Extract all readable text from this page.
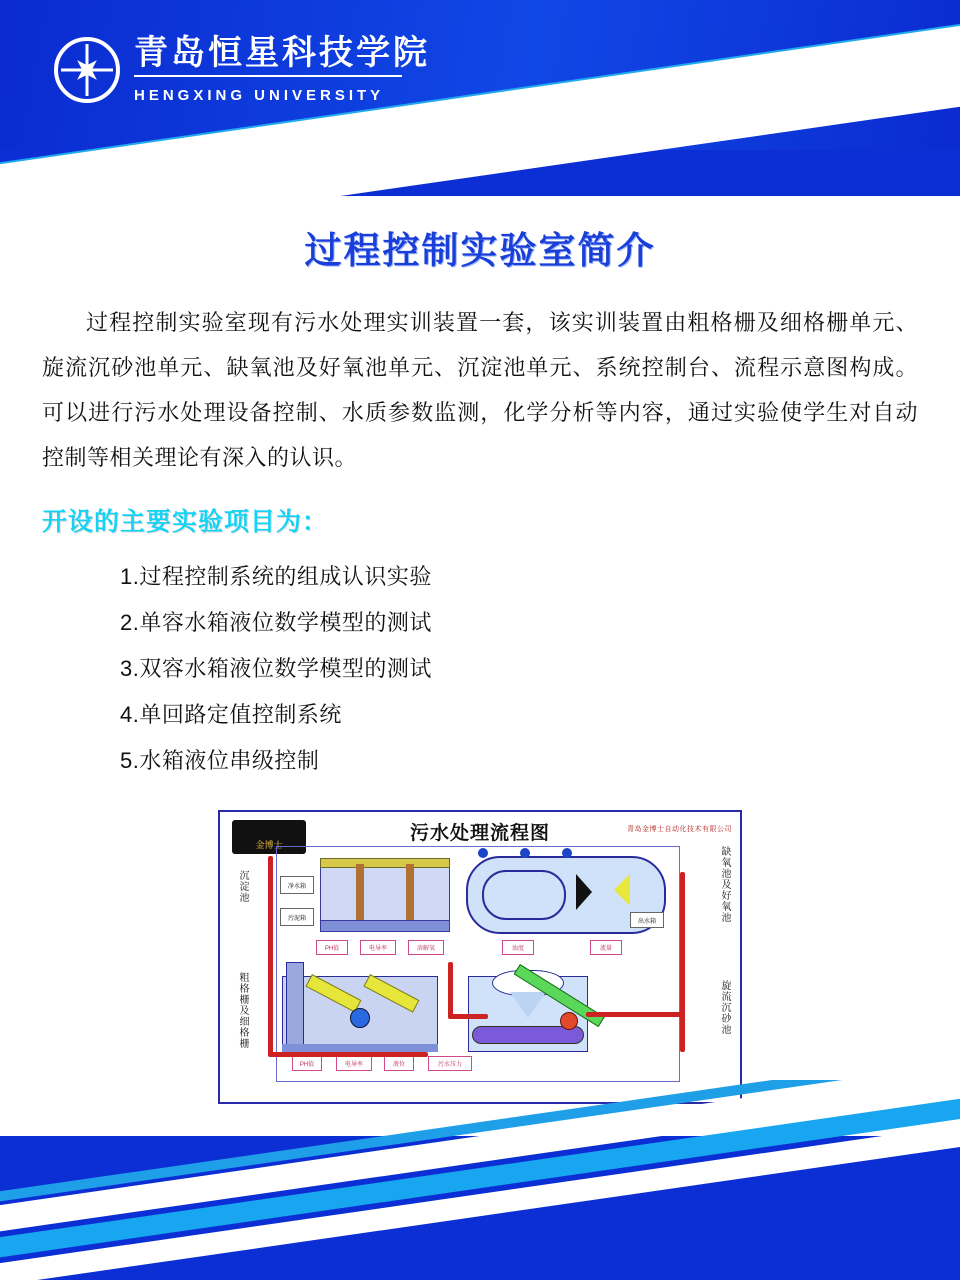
青岛恒星科技学院
HENGXING UNIVERSITY
过程控制实验室简介
过程控制实验室现有污水处理实训装置一套，该实训装置由粗格栅及细格栅单元、旋流沉砂池单元、缺氧池及好氧池单元、沉淀池单元、系统控制台、流程示意图构成。可以进行污水处理设备控制、水质参数监测，化学分析等内容，通过实验使学生对自动控制等相关理论有深入的认识。
开设的主要实验项目为：
1.过程控制系统的组成认识实验
2.单容水箱液位数学模型的测试
3.双容水箱液位数学模型的测试
4.单回路定值控制系统
5.水箱液位串级控制
污水处理流程图	青岛金博士自动化技术有限公司
金博士
沉淀池
粗格栅及细格栅
缺氧池及好氧池
旋流沉砂池
净水箱
污泥箱	出水箱
PH值	电导率	溶解氧	浊度	流量
PH值	电导率	液位	污水压力
